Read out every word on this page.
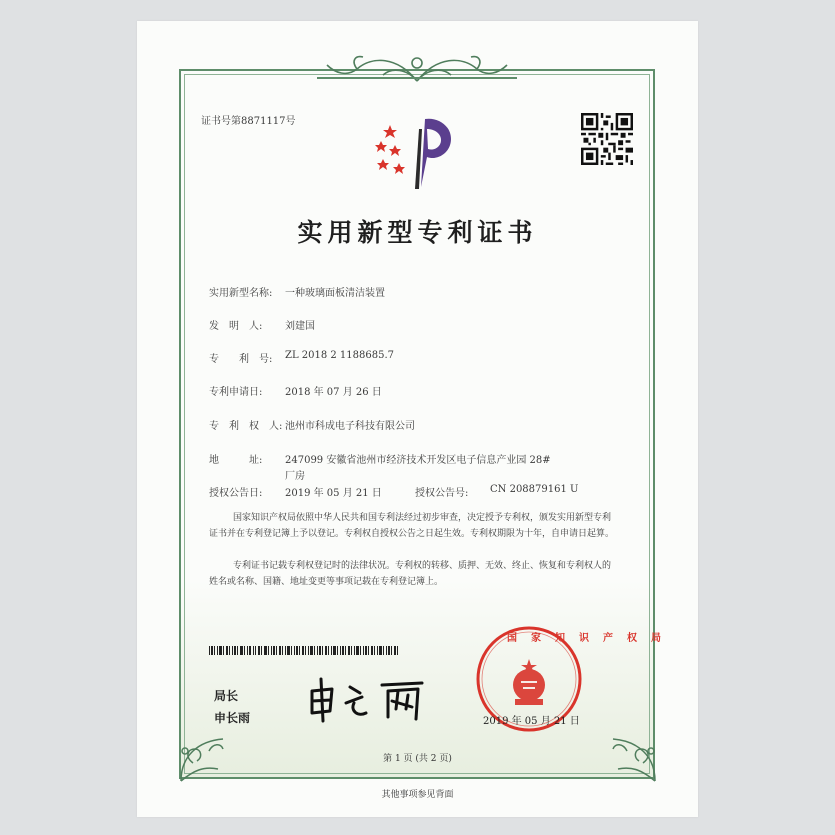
证书号第8871117号
实用新型专利证书
实用新型名称: 一种玻璃面板清洁装置
发　明　人: 刘建国
专　　利　号: ZL 2018 2 1188685.7
专利申请日: 2018 年 07 月 26 日
专　利　权　人: 池州市科成电子科技有限公司
地　　　址: 247099 安徽省池州市经济技术开发区电子信息产业园 28#
厂房
授权公告日: 2019 年 05 月 21 日	授权公告号: CN 208879161 U
国家知识产权局依照中华人民共和国专利法经过初步审查，决定授予专利权，颁发实用新型专利证书并在专利登记簿上予以登记。专利权自授权公告之日起生效。专利权期限为十年，自申请日起算。
专利证书记载专利权登记时的法律状况。专利权的转移、质押、无效、终止、恢复和专利权人的姓名或名称、国籍、地址变更等事项记载在专利登记簿上。
局长
申长雨
国家知识产权局
2019 年 05 月 21 日
第 1 页 (共 2 页)
其他事项参见背面
